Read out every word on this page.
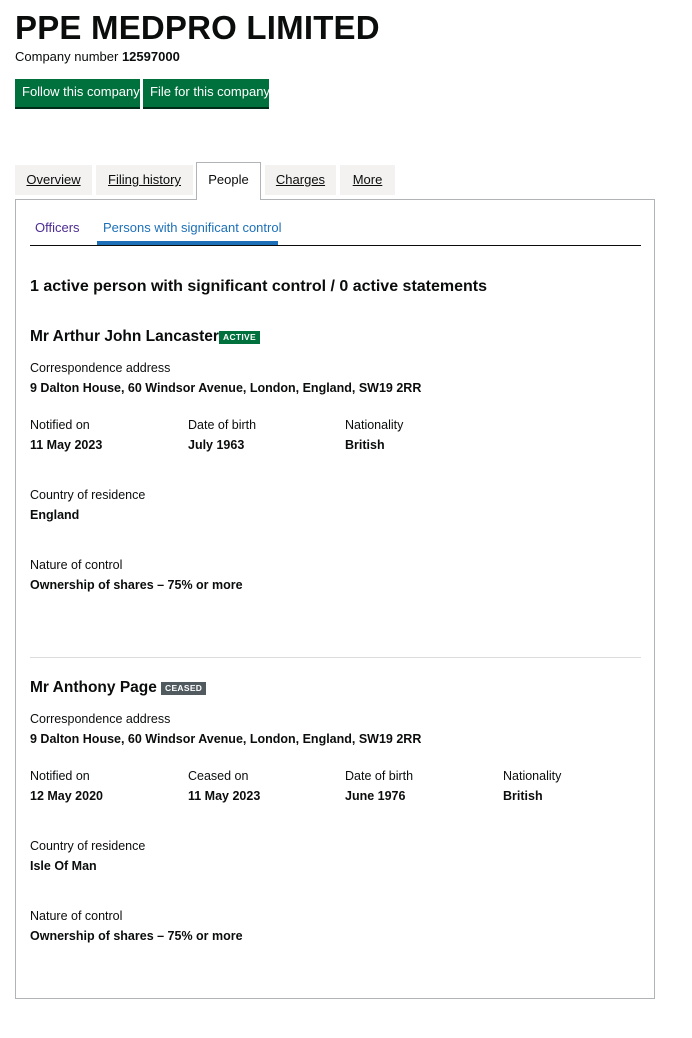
PPE MEDPRO LIMITED
Company number 12597000
Follow this company File for this company
Overview	Filing history	People	Charges	More
Officers Persons with significant control
1 active person with significant control / 0 active statements
Mr Arthur John Lancaster ACTIVE
Correspondence address
9 Dalton House, 60 Windsor Avenue, London, England, SW19 2RR
Notified on
11 May 2023
Date of birth
July 1963
Nationality
British
Country of residence
England
Nature of control
Ownership of shares – 75% or more
Mr Anthony Page CEASED
Correspondence address
9 Dalton House, 60 Windsor Avenue, London, England, SW19 2RR
Notified on
12 May 2020
Ceased on
11 May 2023
Date of birth
June 1976
Nationality
British
Country of residence
Isle Of Man
Nature of control
Ownership of shares – 75% or more
